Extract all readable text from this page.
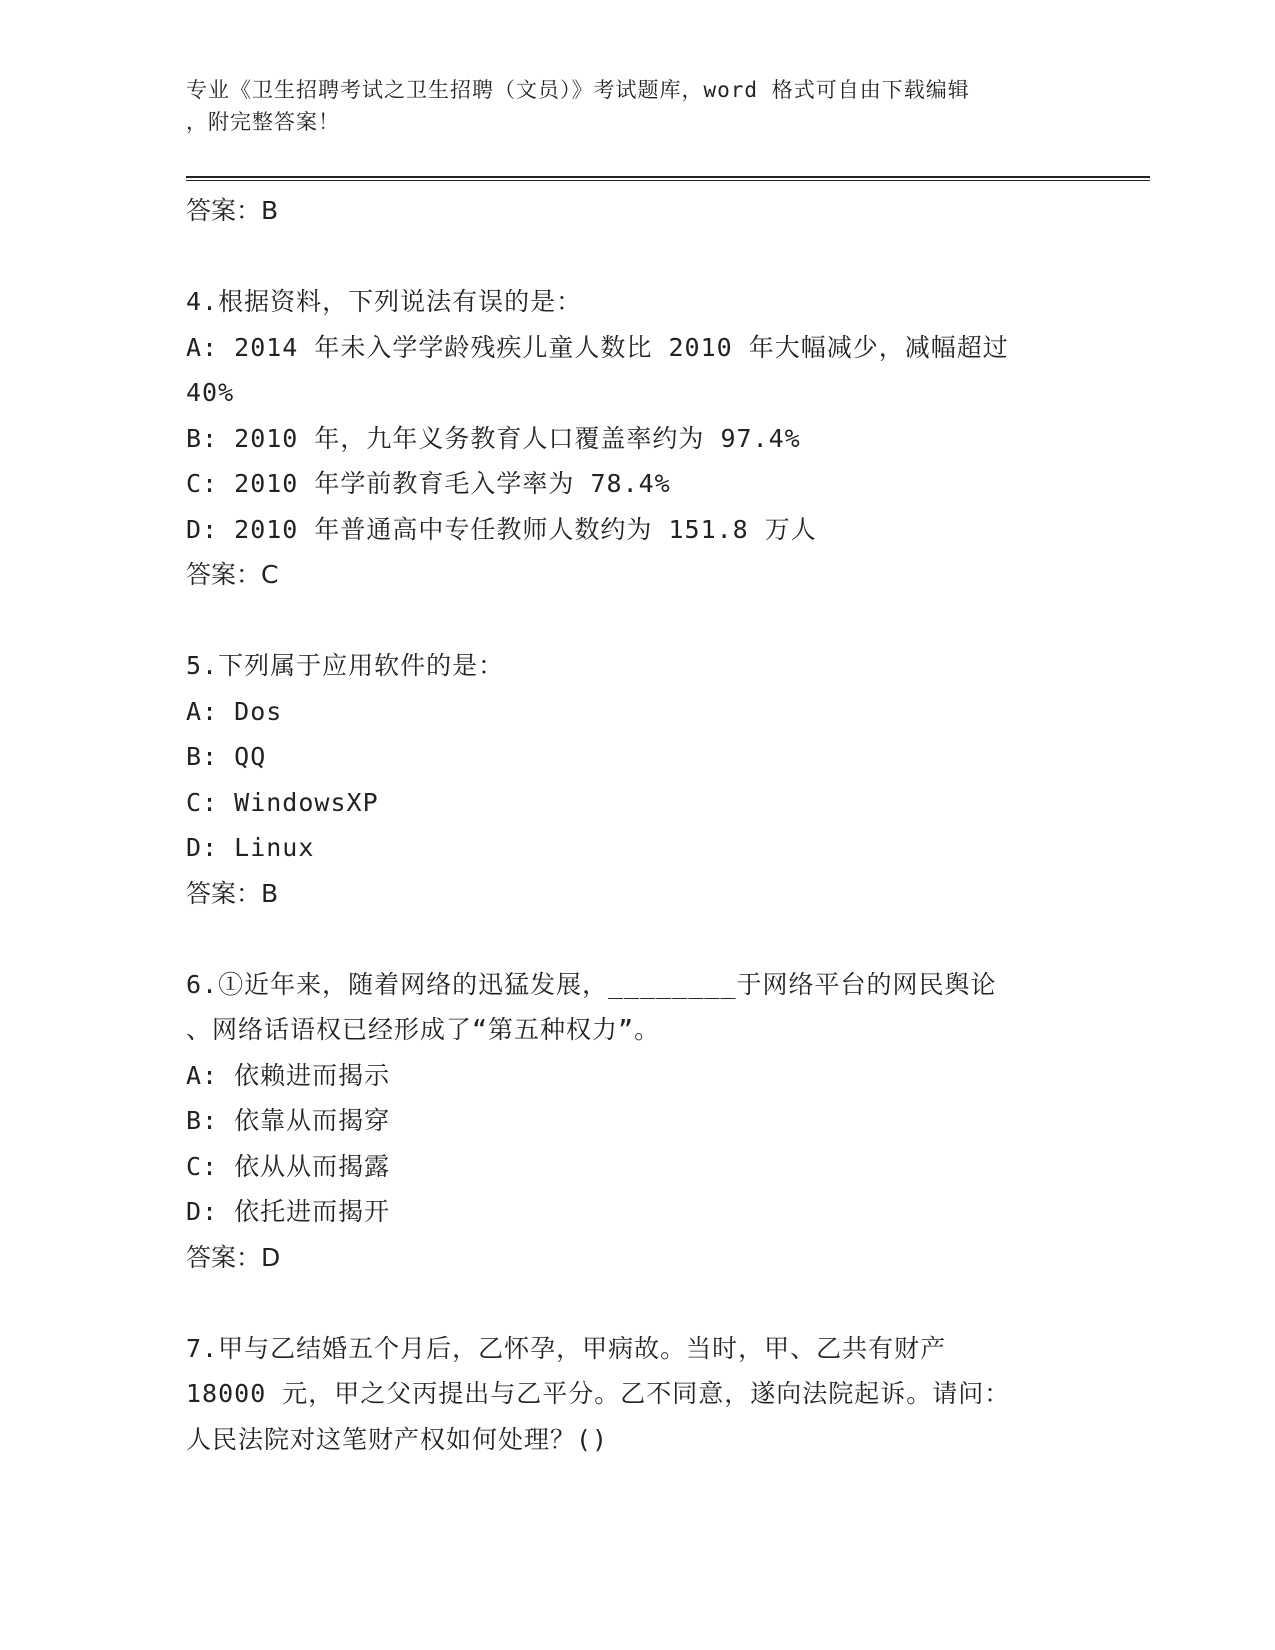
专业《卫生招聘考试之卫生招聘（文员）》考试题库，word 格式可自由下载编辑
，附完整答案！
答案：B
4.根据资料，下列说法有误的是：
A: 2014 年未入学学龄残疾儿童人数比 2010 年大幅减少，减幅超过
40%
B: 2010 年，九年义务教育人口覆盖率约为 97.4%
C: 2010 年学前教育毛入学率为 78.4%
D: 2010 年普通高中专任教师人数约为 151.8 万人
答案：C
5.下列属于应用软件的是：
A: Dos
B: QQ
C: WindowsXP
D: Linux
答案：B
6.①近年来，随着网络的迅猛发展，________于网络平台的网民舆论
、网络话语权已经形成了“第五种权力”。
A: 依赖进而揭示
B: 依靠从而揭穿
C: 依从从而揭露
D: 依托进而揭开
答案：D
7.甲与乙结婚五个月后，乙怀孕，甲病故。当时，甲、乙共有财产
18000 元，甲之父丙提出与乙平分。乙不同意，遂向法院起诉。请问：
人民法院对这笔财产权如何处理？()
